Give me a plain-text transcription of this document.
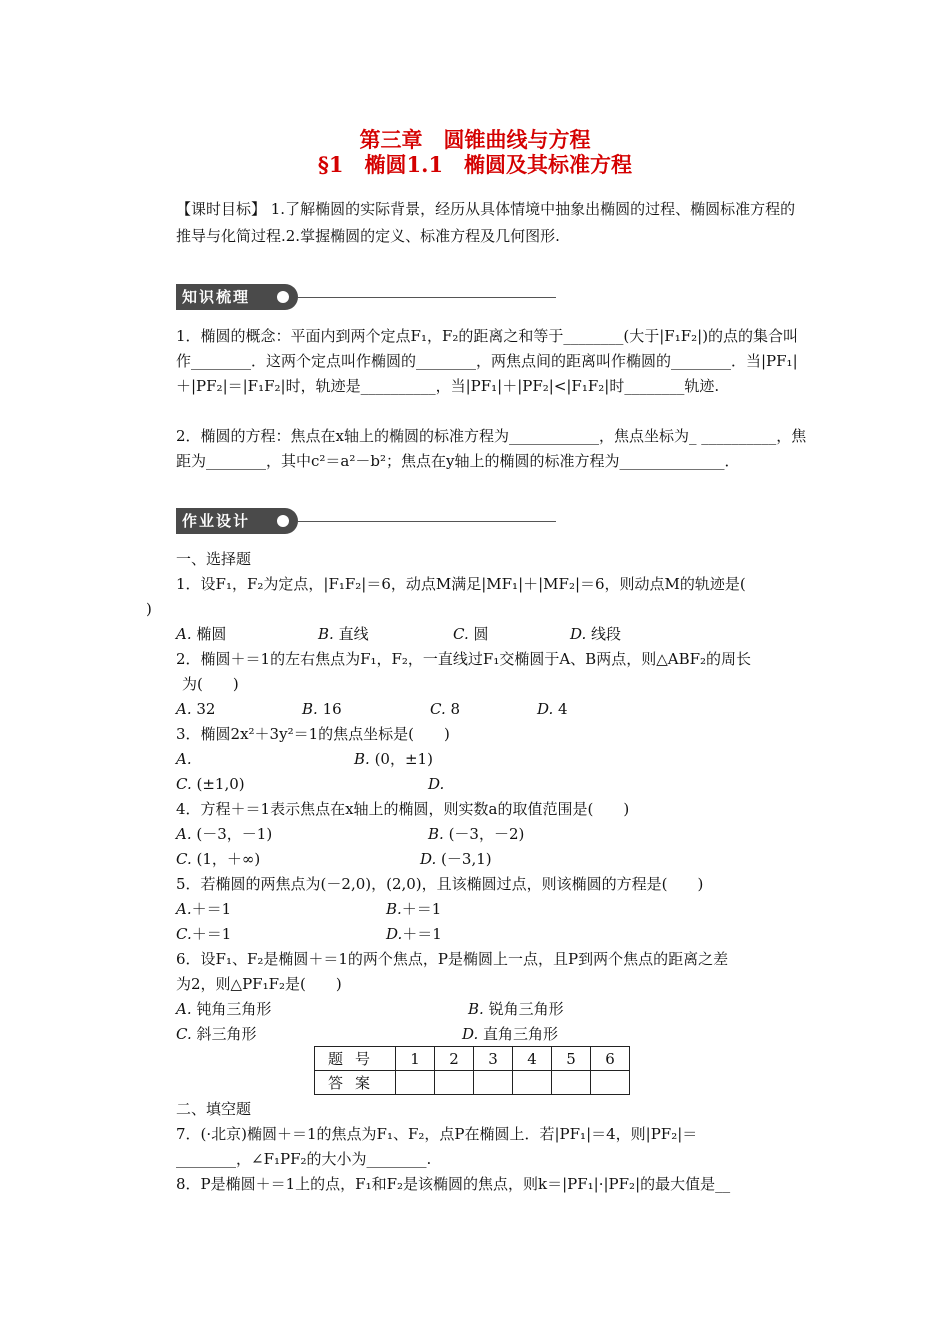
第三章　圆锥曲线与方程
§1　椭圆1.1　椭圆及其标准方程
【课时目标】 1.了解椭圆的实际背景，经历从具体情境中抽象出椭圆的过程、椭圆标准方程的推导与化简过程.2.掌握椭圆的定义、标准方程及几何图形.
知识梳理
1．椭圆的概念：平面内到两个定点F₁，F₂的距离之和等于________(大于|F₁F₂|)的点的集合叫作________．这两个定点叫作椭圆的________，两焦点间的距离叫作椭圆的________．当|PF₁|＋|PF₂|＝|F₁F₂|时，轨迹是__________，当|PF₁|＋|PF₂|<|F₁F₂|时________轨迹.
2．椭圆的方程：焦点在x轴上的椭圆的标准方程为____________，焦点坐标为_ __________，焦距为________，其中c²＝a²－b²；焦点在y轴上的椭圆的标准方程为______________．
作业设计
一、选择题
1．设F₁，F₂为定点，|F₁F₂|＝6，动点M满足|MF₁|＋|MF₂|＝6，则动点M的轨迹是(
)
A. 椭圆	B. 直线	C. 圆	D. 线段
2．椭圆＋＝1的左右焦点为F₁，F₂，一直线过F₁交椭圆于A、B两点，则△ABF₂的周长
为(　　)
A. 32	B. 16	C. 8	D. 4
3．椭圆2x²＋3y²＝1的焦点坐标是(　　)
A.	B. (0，±1)
C. (±1,0)	D.
4．方程＋＝1表示焦点在x轴上的椭圆，则实数a的取值范围是(　　)
A. (－3，－1)	B. (－3，－2)
C. (1，＋∞)	D. (－3,1)
5．若椭圆的两焦点为(－2,0)，(2,0)，且该椭圆过点，则该椭圆的方程是(　　)
A.＋＝1	B.＋＝1
C.＋＝1	D.＋＝1
6．设F₁、F₂是椭圆＋＝1的两个焦点，P是椭圆上一点，且P到两个焦点的距离之差
为2，则△PF₁F₂是(　　)
A. 钝角三角形	B. 锐角三角形
C. 斜三角形	D. 直角三角形
题号	1	2	3	4	5	6
答案						
二、填空题
7．(·北京)椭圆＋＝1的焦点为F₁、F₂，点P在椭圆上．若|PF₁|＝4，则|PF₂|＝
________，∠F₁PF₂的大小为________.
8．P是椭圆＋＝1上的点，F₁和F₂是该椭圆的焦点，则k＝|PF₁|·|PF₂|的最大值是__
